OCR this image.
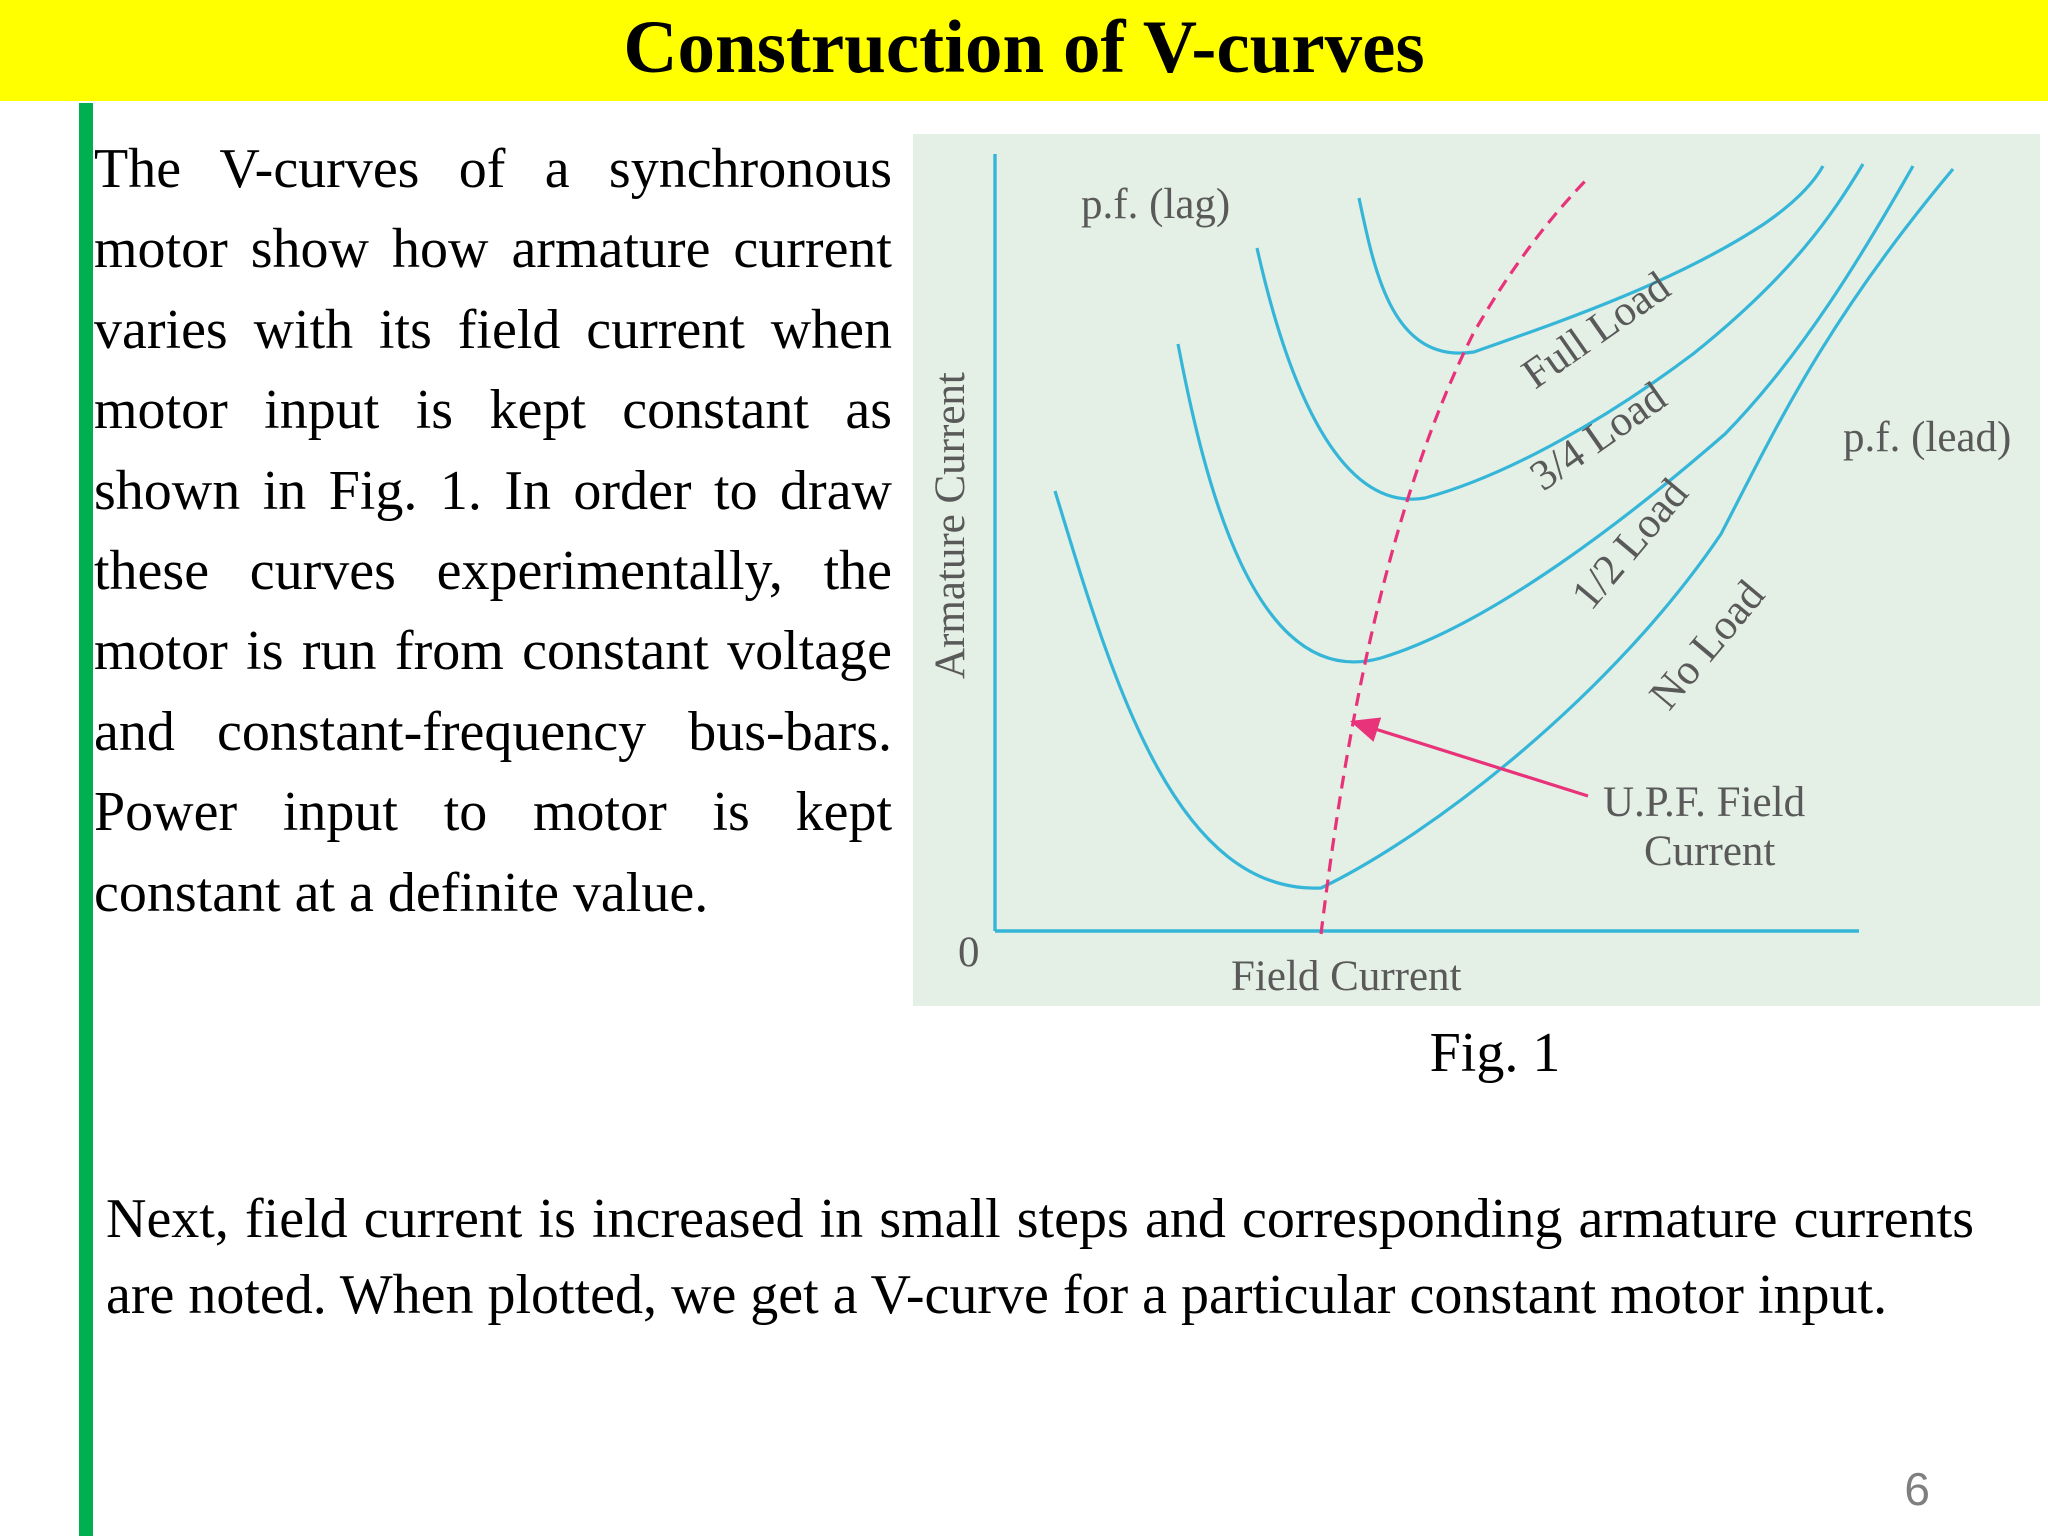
Construction of V-curves
The V-curves of a synchronous motor show how armature current varies with its field current when motor input is kept constant as shown in Fig. 1. In order to draw these curves experimentally, the motor is run from constant voltage and constant-frequency bus-bars. Power input to motor is kept constant at a definite value.
0
Field Current
Armature Current
p.f. (lag)
p.f. (lead)
Full Load
3/4 Load
1/2 Load
No Load
U.P.F. Field
Current
Fig. 1
Next, field current is increased in small steps and corresponding armature currents are noted. When plotted, we get a V-curve for a particular constant motor input.
6
